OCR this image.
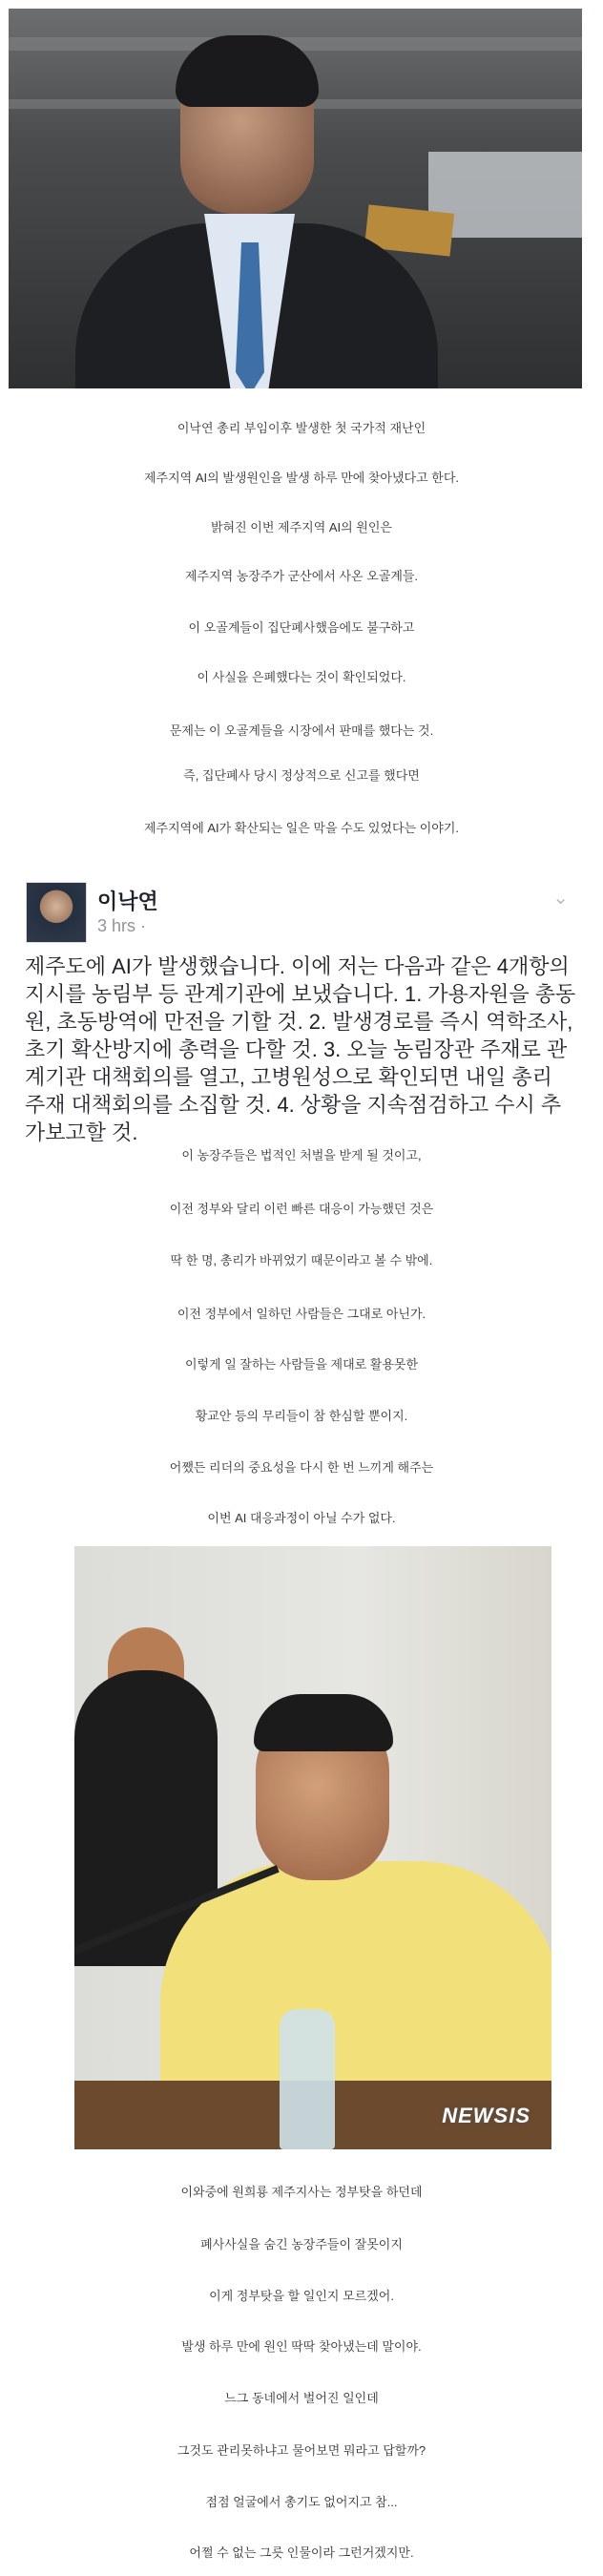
이낙연 총리 부임이후 발생한 첫 국가적 재난인
제주지역 AI의 발생원인을 발생 하루 만에 찾아냈다고 한다.
밝혀진 이번 제주지역 AI의 원인은
제주지역 농장주가 군산에서 사온 오골계들.
이 오골계들이 집단폐사했음에도 불구하고
이 사실을 은폐했다는 것이 확인되었다.
문제는 이 오골계들을 시장에서 판매를 했다는 것.
즉, 집단폐사 당시 정상적으로 신고를 했다면
제주지역에 AI가 확산되는 일은 막을 수도 있었다는 이야기.
이낙연
3 hrs ·
⌄
제주도에 AI가 발생했습니다. 이에 저는 다음과 같은 4개항의 지시를 농림부 등 관계기관에 보냈습니다. 1. 가용자원을 총동원, 초동방역에 만전을 기할 것. 2. 발생경로를 즉시 역학조사, 초기 확산방지에 총력을 다할 것. 3. 오늘 농림장관 주재로 관계기관 대책회의를 열고, 고병원성으로 확인되면 내일 총리 주재 대책회의를 소집할 것. 4. 상황을 지속점검하고 수시 추가보고할 것.
이 농장주들은 법적인 처벌을 받게 될 것이고,
이전 정부와 달리 이런 빠른 대응이 가능했던 것은
딱 한 명, 총리가 바뀌었기 때문이라고 볼 수 밖에.
이전 정부에서 일하던 사람들은 그대로 아닌가.
이렇게 일 잘하는 사람들을 제대로 활용못한
황교안 등의 무리들이 참 한심할 뿐이지.
어쨌든 리더의 중요성을 다시 한 번 느끼게 해주는
이번 AI 대응과정이 아닐 수가 없다.
NEWSIS
이와중에 원희룡 제주지사는 정부탓을 하던데
폐사사실을 숨긴 농장주들이 잘못이지
이게 정부탓을 할 일인지 모르겠어.
발생 하루 만에 원인 딱딱 찾아냈는데 말이야.
느그 동네에서 벌어진 일인데
그것도 관리못하냐고 물어보면 뭐라고 답할까?
점점 얼굴에서 총기도 없어지고 참...
어쩔 수 없는 그릇 인물이라 그런거겠지만.
